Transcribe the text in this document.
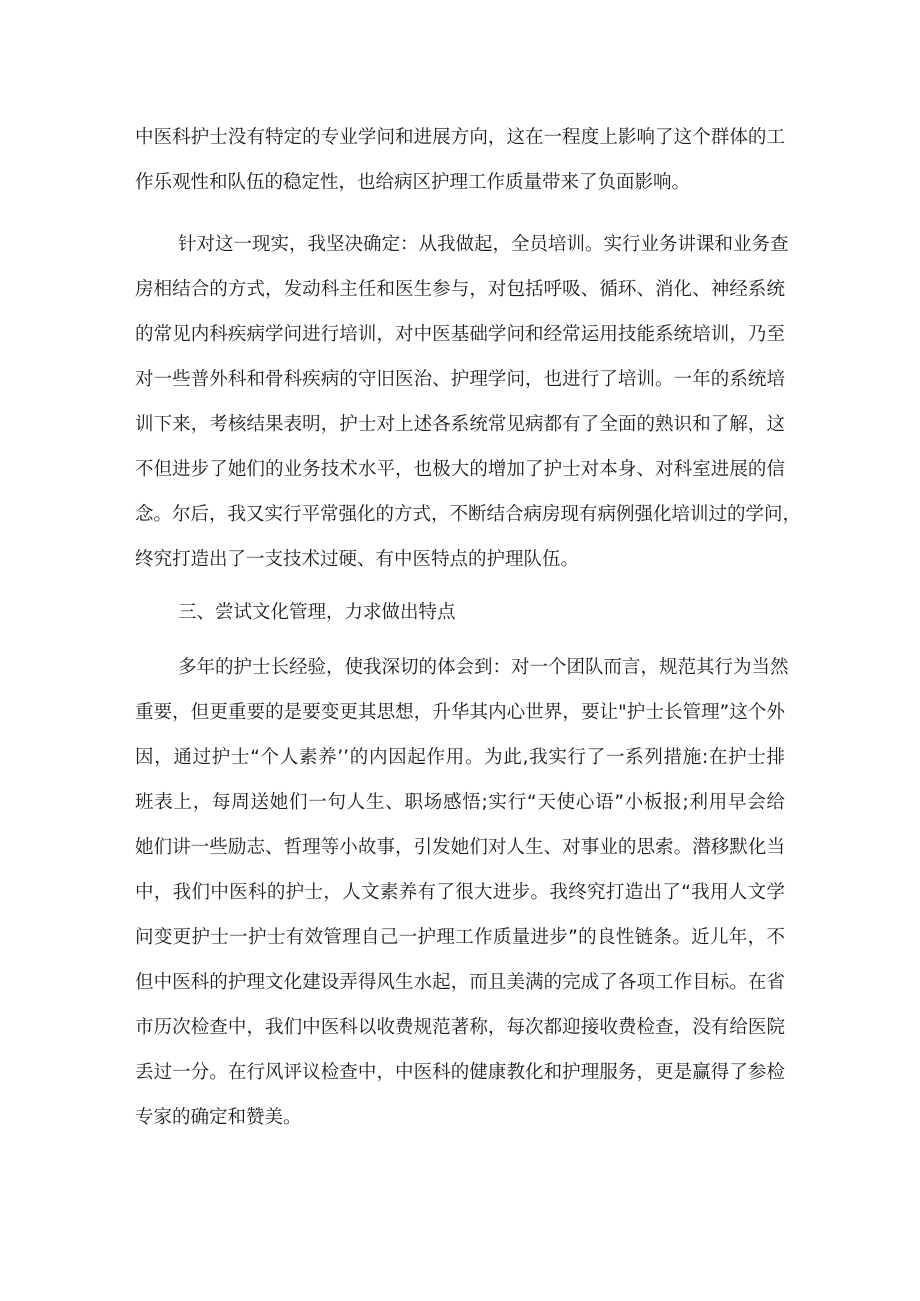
中医科护士没有特定的专业学问和进展方向，这在一程度上影响了这个群体的工

作乐观性和队伍的稳定性，也给病区护理工作质量带来了负面影响。

针对这一现实，我坚决确定：从我做起，全员培训。实行业务讲课和业务查

房相结合的方式，发动科主任和医生参与，对包括呼吸、循环、消化、神经系统

的常见内科疾病学问进行培训，对中医基础学问和经常运用技能系统培训，乃至

对一些普外科和骨科疾病的守旧医治、护理学问，也进行了培训。一年的系统培

训下来，考核结果表明，护士对上述各系统常见病都有了全面的熟识和了解，这

不但进步了她们的业务技术水平，也极大的增加了护士对本身、对科室进展的信

念。尔后，我又实行平常强化的方式，不断结合病房现有病例强化培训过的学问，

终究打造出了一支技术过硬、有中医特点的护理队伍。

三、尝试文化管理，力求做出特点

多年的护士长经验，使我深切的体会到：对一个团队而言，规范其行为当然

重要，但更重要的是要变更其思想，升华其内心世界，要让"护士长管理”这个外

因，通过护士“个人素养’’的内因起作用。为此,我实行了一系列措施:在护士排

班表上，每周送她们一句人生、职场感悟;实行“天使心语”小板报;利用早会给

她们讲一些励志、哲理等小故事，引发她们对人生、对事业的思索。潜移默化当

中，我们中医科的护士，人文素养有了很大进步。我终究打造出了“我用人文学

问变更护士一护士有效管理自己一护理工作质量进步”的良性链条。近儿年，不

但中医科的护理文化建设弄得风生水起，而且美满的完成了各项工作目标。在省

市历次检查中，我们中医科以收费规范著称，每次都迎接收费检查，没有给医院

丢过一分。在行风评议检查中，中医科的健康教化和护理服务，更是赢得了参检

专家的确定和赞美。
